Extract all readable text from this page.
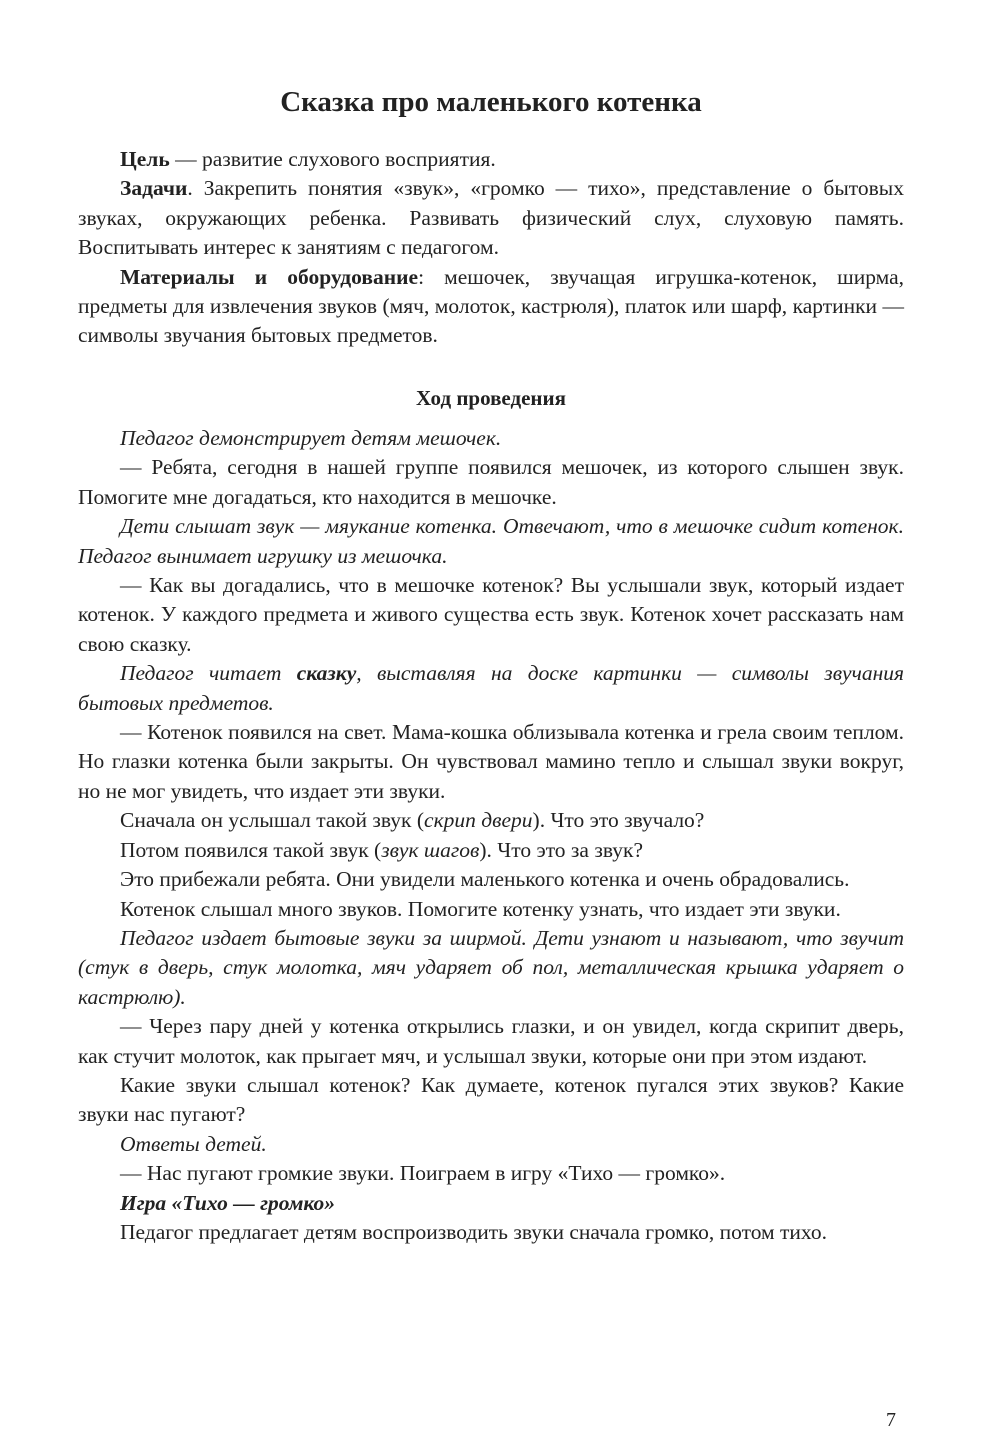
Сказка про маленького котенка

Цель — развитие слухового восприятия.

Задачи. Закрепить понятия «звук», «громко — тихо», представление о бытовых звуках, окружающих ребенка. Развивать физический слух, слуховую память. Воспитывать интерес к занятиям с педагогом.

Материалы и оборудование: мешочек, звучащая игрушка-котенок, ширма, предметы для извлечения звуков (мяч, молоток, кастрюля), платок или шарф, картинки — символы звучания бытовых предметов.

Ход проведения

Педагог демонстрирует детям мешочек.

— Ребята, сегодня в нашей группе появился мешочек, из которого слышен звук. Помогите мне догадаться, кто находится в мешочке.

Дети слышат звук — мяукание котенка. Отвечают, что в мешочке сидит котенок. Педагог вынимает игрушку из мешочка.

— Как вы догадались, что в мешочке котенок? Вы услышали звук, который издает котенок. У каждого предмета и живого существа есть звук. Котенок хочет рассказать нам свою сказку.

Педагог читает сказку, выставляя на доске картинки — символы звучания бытовых предметов.

— Котенок появился на свет. Мама-кошка облизывала котенка и грела своим теплом. Но глазки котенка были закрыты. Он чувствовал мамино тепло и слышал звуки вокруг, но не мог увидеть, что издает эти звуки.

Сначала он услышал такой звук (скрип двери). Что это звучало?

Потом появился такой звук (звук шагов). Что это за звук?

Это прибежали ребята. Они увидели маленького котенка и очень обрадовались.

Котенок слышал много звуков. Помогите котенку узнать, что издает эти звуки.

Педагог издает бытовые звуки за ширмой. Дети узнают и называют, что звучит (стук в дверь, стук молотка, мяч ударяет об пол, металлическая крышка ударяет о кастрюлю).

— Через пару дней у котенка открылись глазки, и он увидел, когда скрипит дверь, как стучит молоток, как прыгает мяч, и услышал звуки, которые они при этом издают.

Какие звуки слышал котенок? Как думаете, котенок пугался этих звуков? Какие звуки нас пугают?

Ответы детей.

— Нас пугают громкие звуки. Поиграем в игру «Тихо — громко».

Игра «Тихо — громко»

Педагог предлагает детям воспроизводить звуки сначала громко, потом тихо.

7
